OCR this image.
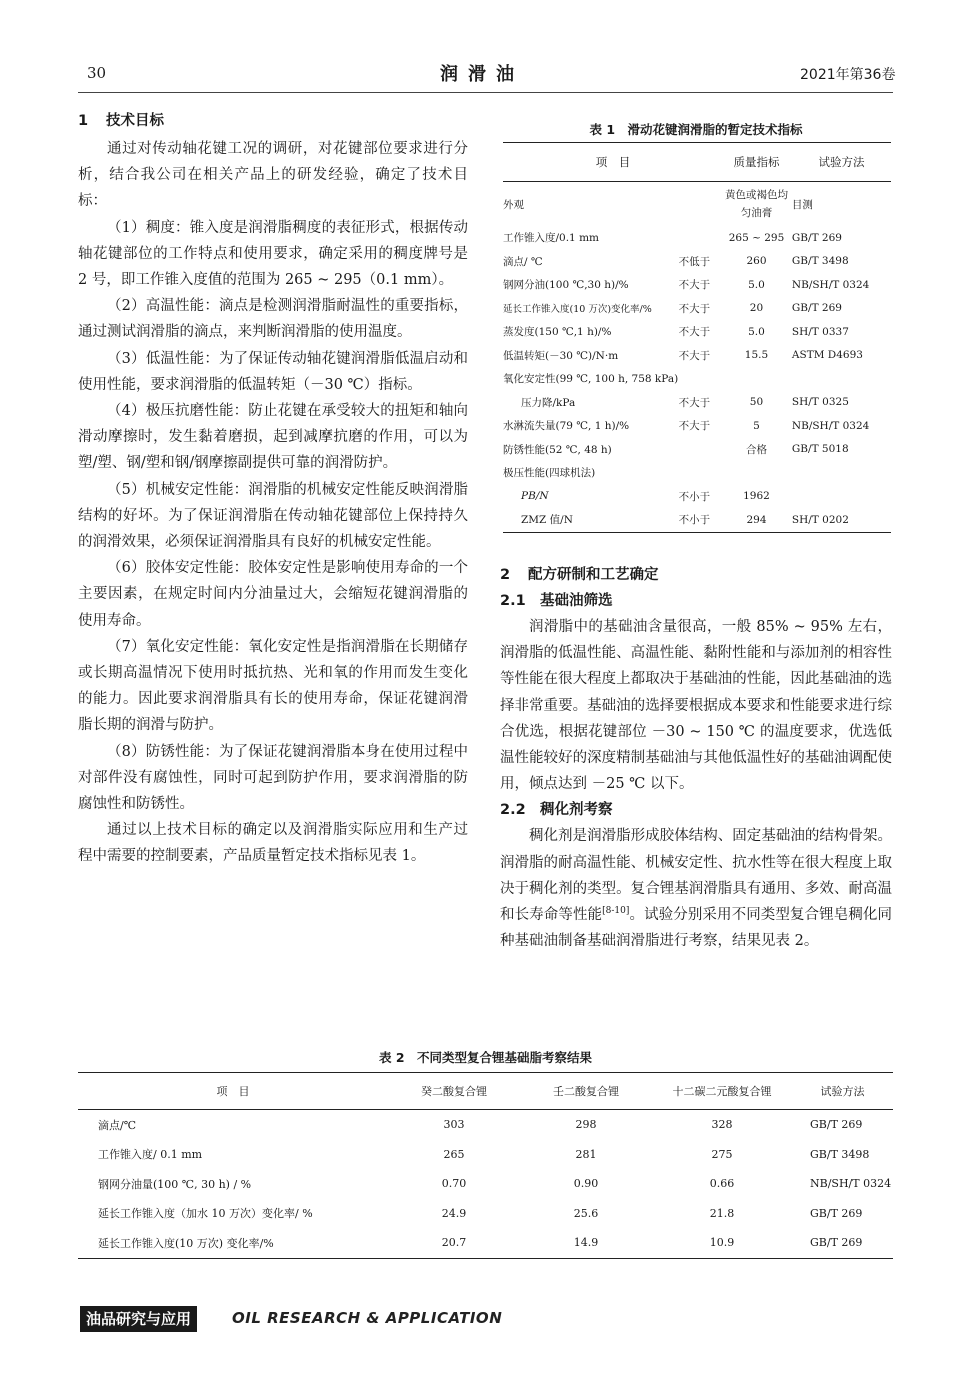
30	润滑油	2021年第36卷
1 技术目标

通过对传动轴花键工况的调研，对花键部位要求进行分析，结合我公司在相关产品上的研发经验，确定了技术目标：

（1）稠度：锥入度是润滑脂稠度的表征形式，根据传动轴花键部位的工作特点和使用要求，确定采用的稠度牌号是 2 号，即工作锥入度值的范围为 265 ~ 295（0.1 mm）。

（2）高温性能：滴点是检测润滑脂耐温性的重要指标，通过测试润滑脂的滴点，来判断润滑脂的使用温度。

（3）低温性能：为了保证传动轴花键润滑脂低温启动和使用性能，要求润滑脂的低温转矩（－30 ℃）指标。

（4）极压抗磨性能：防止花键在承受较大的扭矩和轴向滑动摩擦时，发生黏着磨损，起到减摩抗磨的作用，可以为塑/塑、钢/塑和钢/钢摩擦副提供可靠的润滑防护。

（5）机械安定性能：润滑脂的机械安定性能反映润滑脂结构的好坏。为了保证润滑脂在传动轴花键部位上保持持久的润滑效果，必须保证润滑脂具有良好的机械安定性能。

（6）胶体安定性能：胶体安定性是影响使用寿命的一个主要因素，在规定时间内分油量过大，会缩短花键润滑脂的使用寿命。

（7）氧化安定性能：氧化安定性是指润滑脂在长期储存或长期高温情况下使用时抵抗热、光和氧的作用而发生变化的能力。因此要求润滑脂具有长的使用寿命，保证花键润滑脂长期的润滑与防护。

（8）防锈性能：为了保证花键润滑脂本身在使用过程中对部件没有腐蚀性，同时可起到防护作用，要求润滑脂的防腐蚀性和防锈性。

通过以上技术目标的确定以及润滑脂实际应用和生产过程中需要的控制要素，产品质量暂定技术指标见表 1。

表 1　滑动花键润滑脂的暂定技术指标
项　目		质量指标	试验方法
外观		黄色或褐色均匀油膏	目测
工作锥入度/0.1 mm		265 ~ 295	GB/T 269
滴点/ ℃	不低于	260	GB/T 3498
钢网分油(100 ℃,30 h)/%	不大于	5.0	NB/SH/T 0324
延长工作锥入度(10 万次)变化率/%	不大于	20	GB/T 269
蒸发度(150 ℃,1 h)/%	不大于	5.0	SH/T 0337
低温转矩(－30 ℃)/N·m	不大于	15.5	ASTM D4693
氧化安定性(99 ℃, 100 h, 758 kPa)			
压力降/kPa	不大于	50	SH/T 0325
水淋流失量(79 ℃, 1 h)/%	不大于	5	NB/SH/T 0324
防锈性能(52 ℃, 48 h)		合格	GB/T 5018
极压性能(四球机法)			
PB/N	不小于	1962	
ZMZ 值/N	不小于	294	SH/T 0202
2 配方研制和工艺确定
2.1 基础油筛选

润滑脂中的基础油含量很高，一般 85% ~ 95% 左右，润滑脂的低温性能、高温性能、黏附性能和与添加剂的相容性等性能在很大程度上都取决于基础油的性能，因此基础油的选择非常重要。基础油的选择要根据成本要求和性能要求进行综合优选，根据花键部位 －30 ~ 150 ℃ 的温度要求，优选低温性能较好的深度精制基础油与其他低温性好的基础油调配使用，倾点达到 －25 ℃ 以下。

2.2 稠化剂考察

稠化剂是润滑脂形成胶体结构、固定基础油的结构骨架。润滑脂的耐高温性能、机械安定性、抗水性等在很大程度上取决于稠化剂的类型。复合锂基润滑脂具有通用、多效、耐高温和长寿命等性能[8-10]。试验分别采用不同类型复合锂皂稠化同种基础油制备基础润滑脂进行考察，结果见表 2。

表 2　不同类型复合锂基础脂考察结果
项　目	癸二酸复合锂	壬二酸复合锂	十二碳二元酸复合锂	试验方法
滴点/℃	303	298	328	GB/T 269
工作锥入度/ 0.1 mm	265	281	275	GB/T 3498
钢网分油量(100 ℃, 30 h) / %	0.70	0.90	0.66	NB/SH/T 0324
延长工作锥入度（加水 10 万次）变化率/ %	24.9	25.6	21.8	GB/T 269
延长工作锥入度(10 万次) 变化率/%	20.7	14.9	10.9	GB/T 269
油品研究与应用	OIL RESEARCH & APPLICATION
